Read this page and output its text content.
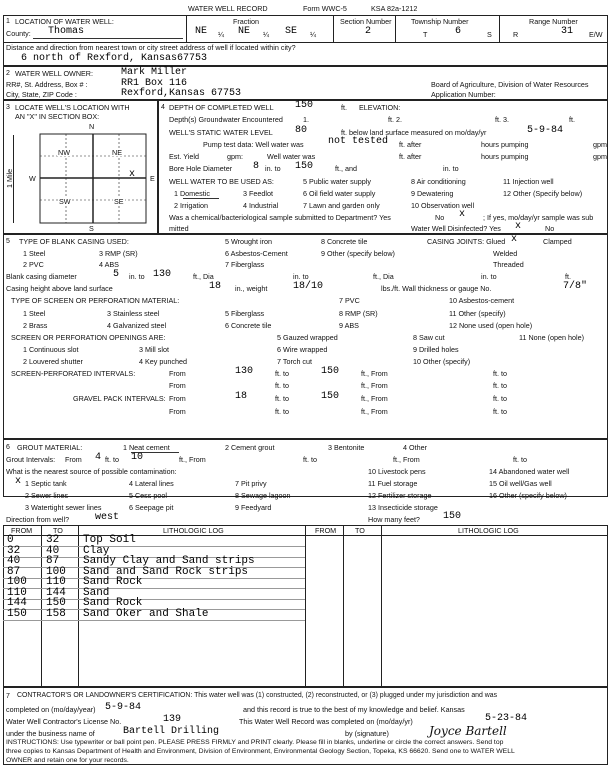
WATER WELL RECORD	Form WWC-5	KSA 82a-1212
1 LOCATION OF WATER WELL:
County: Thomas
Fraction
NE ¼ NE ¼ SE ¼
Section Number
2
Township Number
T	6	S
Range Number
R	31 E/W
Distance and direction from nearest town or city street address of well if located within city?
6 north of Rexford, Kansas67753
2 WATER WELL OWNER:	Mark Miller
RR#, St. Address, Box # :	RR1 Box 116	Board of Agriculture, Division of Water Resources
City, State, ZIP Code :	Rexford,Kansas 67753	Application Number:
3 LOCATE WELL'S LOCATION WITH
AN "X" IN SECTION BOX:
N
S
W	E
1 Mile
NW	NE
SW	SE
x
4 DEPTH OF COMPLETED WELL 150	ft. ELEVATION:
Depth(s) Groundwater Encountered	1.	ft. 2.	ft. 3.	ft.
WELL'S STATIC WATER LEVEL 80	ft. below land surface measured on mo/day/yr	5-9-84
Pump test data: Well water was not tested ft. after	hours pumping	gpm
Est. Yield	gpm:	Well water was	ft. after	hours pumping	gpm
Bore Hole Diameter 8 in. to 150	ft., and	in. to
WELL WATER TO BE USED AS:
1 Domestic
2 Irrigation
3 Feedlot
4 Industrial
5 Public water supply
6 Oil field water supply
7 Lawn and garden only
8 Air conditioning
9 Dewatering
10 Observation well
11 Injection well
12 Other (Specify below)
Was a chemical/bacteriological sample submitted to Department? Yes	No x ; If yes, mo/day/yr sample was sub
mitted	Water Well Disinfected? Yes x	No
5 TYPE OF BLANK CASING USED:
1 Steel
2 PVC
3 RMP (SR)
4 ABS
5 Wrought iron
6 Asbestos-Cement
7 Fiberglass
8 Concrete tile
9 Other (specify below)
CASING JOINTS: Glued x	Clamped
Welded
Threaded
Blank casing diameter	5 in. to 130	ft., Dia	in. to	ft., Dia	in. to	ft.
Casing height above land surface	18 in., weight	18/10	lbs./ft. Wall thickness or gauge No.	7/8"
TYPE OF SCREEN OR PERFORATION MATERIAL:
1 Steel
2 Brass
3 Stainless steel
4 Galvanized steel
5 Fiberglass
6 Concrete tile
7 PVC
8 RMP (SR)
9 ABS
10 Asbestos-cement
11 Other (specify)
12 None used (open hole)
SCREEN OR PERFORATION OPENINGS ARE:
1 Continuous slot
2 Louvered shutter
3 Mill slot
4 Key punched
5 Gauzed wrapped
6 Wire wrapped
7 Torch cut
8 Saw cut
9 Drilled holes
10 Other (specify)
11 None (open hole)
SCREEN-PERFORATED INTERVALS:	From	130	ft. to	150	ft., From	ft. to
From	ft. to	ft., From	ft. to
GRAVEL PACK INTERVALS: From	18	ft. to	150	ft., From	ft. to
From	ft. to	ft., From	ft. to
6 GROUT MATERIAL:	1 Neat cement	2 Cement grout	3 Bentonite	4 Other
Grout Intervals: From 4 ft. to 10	ft., From	ft. to	ft., From	ft. to
What is the nearest source of possible contamination:
x 1 Septic tank
2 Sewer lines
3 Watertight sewer lines
4 Lateral lines
5 Cess pool
6 Seepage pit
7 Pit privy
8 Sewage lagoon
9 Feedyard
10 Livestock pens
11 Fuel storage
12 Fertilizer storage
13 Insecticide storage
14 Abandoned water well
15 Oil well/Gas well
16 Other (specify below)
Direction from well?	west	How many feet? 150
FROM	TO	LITHOLOGIC LOG	FROM	TO	LITHOLOGIC LOG
7 CONTRACTOR'S OR LANDOWNER'S CERTIFICATION: This water well was (1) constructed, (2) reconstructed, or (3) plugged under my jurisdiction and was
completed on (mo/day/year) 5-9-84	and this record is true to the best of my knowledge and belief. Kansas
Water Well Contractor's License No.	139	This Water Well Record was completed on (mo/day/yr)	5-23-84
under the business name of	Bartell Drilling	by (signature)	Joyce Bartell
INSTRUCTIONS: Use typewriter or ball point pen. PLEASE PRESS FIRMLY and PRINT clearly. Please fill in blanks, underline or circle the correct answers. Send top
three copies to Kansas Department of Health and Environment, Division of Environment, Environmental Geology Section, Topeka, KS 66620. Send one to WATER WELL
OWNER and retain one for your records.
0	32 Top Soil
32 40 Clay
40 87 Sandy Clay and Sand strips
87 100 Sand and Sand Rock strips
100 110 Sand Rock
110 144 Sand
144 150 Sand Rock
150 158 Sand Oker and Shale
